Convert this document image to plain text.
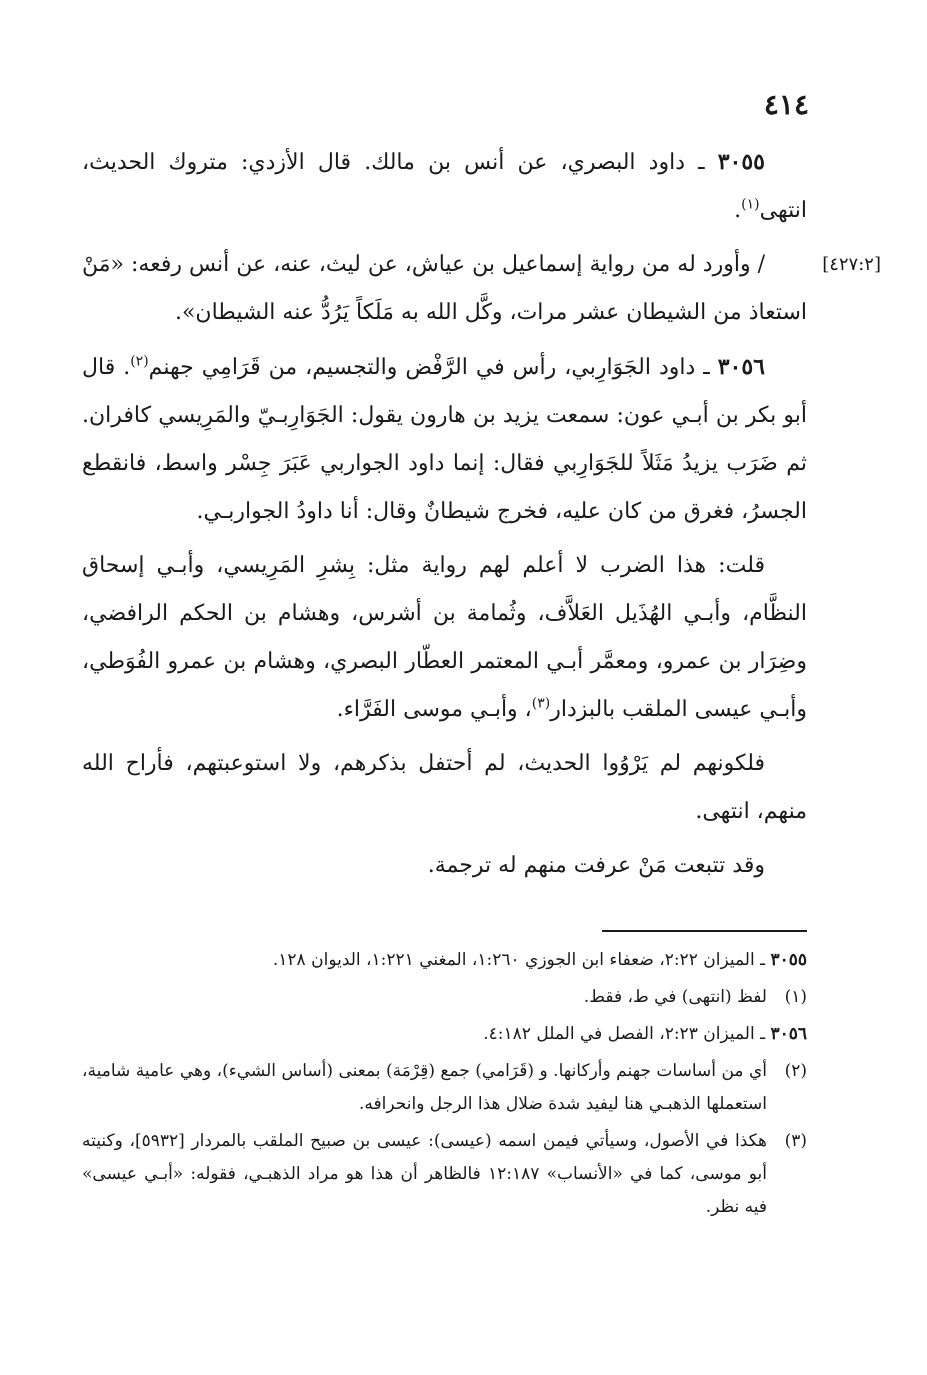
٤١٤
[٤٢٧:٢]

٣٠٥٥ ـ داود البصري، عن أنس بن مالك. قال الأزدي: متروك الحديث، انتهى$^{(١)}$.

/ وأورد له من رواية إسماعيل بن عياش، عن ليث، عنه، عن أنس رفعه: «مَنْ استعاذ من الشيطان عشر مرات، وكَّل الله به مَلَكاً يَرُدُّ عنه الشيطان».

٣٠٥٦ ـ داود الجَوَارِبي، رأس في الرَّفْض والتجسيم، من قَرَامِي جهنم$^{(٢)}$. قال أبو بكر بن أبـي عون: سمعت يزيد بن هارون يقول: الجَوَارِبـيّ والمَرِيسي كافران. ثم ضَرَب يزيدُ مَثَلاً للجَوَارِبي فقال: إنما داود الجواربي عَبَرَ جِسْر واسط، فانقطع الجسرُ، فغرق من كان عليه، فخرج شيطانٌ وقال: أنا داودُ الجواربـي.

قلت: هذا الضرب لا أعلم لهم رواية مثل: بِشرِ المَرِيسي، وأبـي إسحاق النظَّام، وأبـي الهُذَيل العَلاَّف، وثُمامة بن أشرس، وهشام بن الحكم الرافضي، وضِرَار بن عمرو، ومعمَّر أبـي المعتمر العطّار البصري، وهشام بن عمرو الفُوَطي، وأبـي عيسى الملقب بالبزدار$^{(٣)}$، وأبـي موسى الفَرَّاء.

فلكونهم لم يَرْوُوا الحديث، لم أحتفل بذكرهم، ولا استوعبتهم، فأراح الله منهم، انتهى.

وقد تتبعت مَنْ عرفت منهم له ترجمة.

٣٠٥٥ ـ الميزان ٢:٢٢، ضعفاء ابن الجوزي ١:٢٦٠، المغني ١:٢٢١، الديوان ١٢٨.
(١)
لفظ (انتهى) في ط، فقط.
٣٠٥٦ ـ الميزان ٢:٢٣، الفصل في الملل ٤:١٨٢.
(٢)
أي من أساسات جهنم وأركانها. و (قَرَامي) جمع (قِرْمَة) بمعنى (أساس الشيء)، وهي عامية شامية، استعملها الذهبـي هنا ليفيد شدة ضلال هذا الرجل وانحرافه.
(٣)
هكذا في الأصول، وسيأتي فيمن اسمه (عيسى): عيسى بن صبيح الملقب بالمردار [٥٩٣٢]، وكنيته أبو موسى، كما في «الأنساب» ١٢:١٨٧ فالظاهر أن هذا هو مراد الذهبـي، فقوله: «أبـي عيسى» فيه نظر.
